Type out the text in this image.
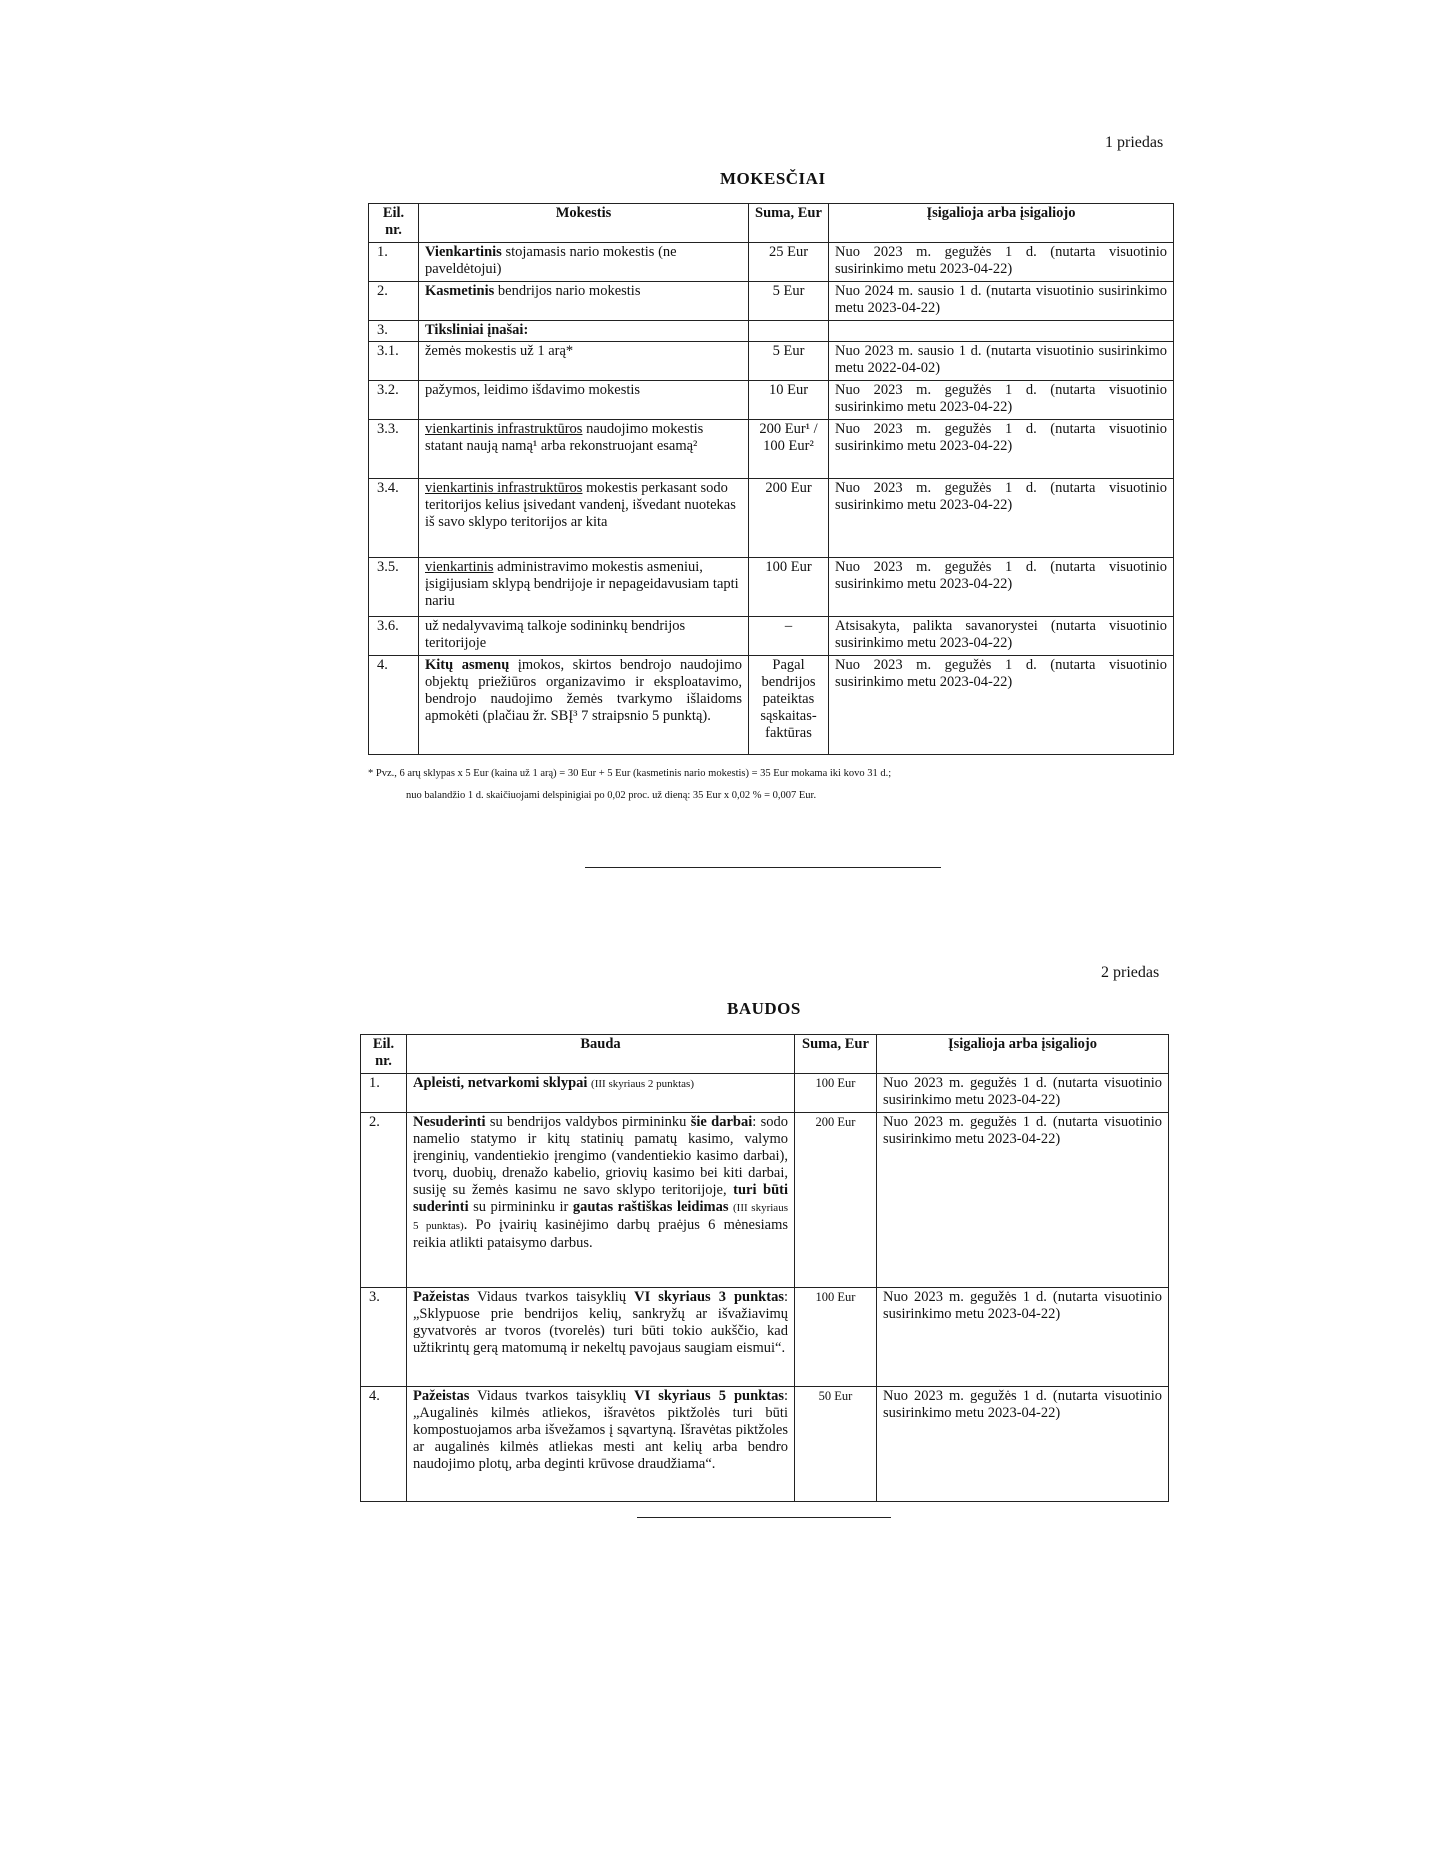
1 priedas
MOKESČIAI
Eil. nr.	Mokestis	Suma, Eur	Įsigalioja arba įsigaliojo
1.	Vienkartinis stojamasis nario mokestis (ne paveldėtojui)	25 Eur	Nuo 2023 m. gegužės 1 d. (nutarta visuotinio susirinkimo metu 2023-04-22)
2.	Kasmetinis bendrijos nario mokestis	5 Eur	Nuo 2024 m. sausio 1 d. (nutarta visuotinio susirinkimo metu 2023-04-22)
3.	Tiksliniai įnašai:		
3.1.	žemės mokestis už 1 arą*	5 Eur	Nuo 2023 m. sausio 1 d. (nutarta visuotinio susirinkimo metu 2022-04-02)
3.2.	pažymos, leidimo išdavimo mokestis	10 Eur	Nuo 2023 m. gegužės 1 d. (nutarta visuotinio susirinkimo metu 2023-04-22)
3.3.	vienkartinis infrastruktūros naudojimo mokestis statant naują namą¹ arba rekonstruojant esamą²	200 Eur¹ / 100 Eur²	Nuo 2023 m. gegužės 1 d. (nutarta visuotinio susirinkimo metu 2023-04-22)
3.4.	vienkartinis infrastruktūros mokestis perkasant sodo teritorijos kelius įsivedant vandenį, išvedant nuotekas iš savo sklypo teritorijos ar kita	200 Eur	Nuo 2023 m. gegužės 1 d. (nutarta visuotinio susirinkimo metu 2023-04-22)
3.5.	vienkartinis administravimo mokestis asmeniui, įsigijusiam sklypą bendrijoje ir nepageidavusiam tapti nariu	100 Eur	Nuo 2023 m. gegužės 1 d. (nutarta visuotinio susirinkimo metu 2023-04-22)
3.6.	už nedalyvavimą talkoje sodininkų bendrijos teritorijoje	–	Atsisakyta, palikta savanorystei (nutarta visuotinio susirinkimo metu 2023-04-22)
4.	Kitų asmenų įmokos, skirtos bendrojo naudojimo objektų priežiūros organizavimo ir eksploatavimo, bendrojo naudojimo žemės tvarkymo išlaidoms apmokėti (plačiau žr. SBĮ³ 7 straipsnio 5 punktą).	Pagal bendrijos pateiktas sąskaitas-faktūras	Nuo 2023 m. gegužės 1 d. (nutarta visuotinio susirinkimo metu 2023-04-22)
* Pvz., 6 arų sklypas x 5 Eur (kaina už 1 arą) = 30 Eur + 5 Eur (kasmetinis nario mokestis) = 35 Eur mokama iki kovo 31 d.;
nuo balandžio 1 d. skaičiuojami delspinigiai po 0,02 proc. už dieną: 35 Eur x 0,02 % = 0,007 Eur.
2 priedas
BAUDOS
Eil. nr.	Bauda	Suma, Eur	Įsigalioja arba įsigaliojo
1.	Apleisti, netvarkomi sklypai (III skyriaus 2 punktas)	100 Eur	Nuo 2023 m. gegužės 1 d. (nutarta visuotinio susirinkimo metu 2023-04-22)
2.	Nesuderinti su bendrijos valdybos pirmininku šie darbai: sodo namelio statymo ir kitų statinių pamatų kasimo, valymo įrenginių, vandentiekio įrengimo (vandentiekio kasimo darbai), tvorų, duobių, drenažo kabelio, griovių kasimo bei kiti darbai, susiję su žemės kasimu ne savo sklypo teritorijoje, turi būti suderinti su pirmininku ir gautas raštiškas leidimas (III skyriaus 5 punktas). Po įvairių kasinėjimo darbų praėjus 6 mėnesiams reikia atlikti pataisymo darbus.	200 Eur	Nuo 2023 m. gegužės 1 d. (nutarta visuotinio susirinkimo metu 2023-04-22)
3.	Pažeistas Vidaus tvarkos taisyklių VI skyriaus 3 punktas: „Sklypuose prie bendrijos kelių, sankryžų ar išvažiavimų gyvatvorės ar tvoros (tvorelės) turi būti tokio aukščio, kad užtikrintų gerą matomumą ir nekeltų pavojaus saugiam eismui“.	100 Eur	Nuo 2023 m. gegužės 1 d. (nutarta visuotinio susirinkimo metu 2023-04-22)
4.	Pažeistas Vidaus tvarkos taisyklių VI skyriaus 5 punktas: „Augalinės kilmės atliekos, išravėtos piktžolės turi būti kompostuojamos arba išvežamos į sąvartyną. Išravėtas piktžoles ar augalinės kilmės atliekas mesti ant kelių arba bendro naudojimo plotų, arba deginti krūvose draudžiama“.	50 Eur	Nuo 2023 m. gegužės 1 d. (nutarta visuotinio susirinkimo metu 2023-04-22)
